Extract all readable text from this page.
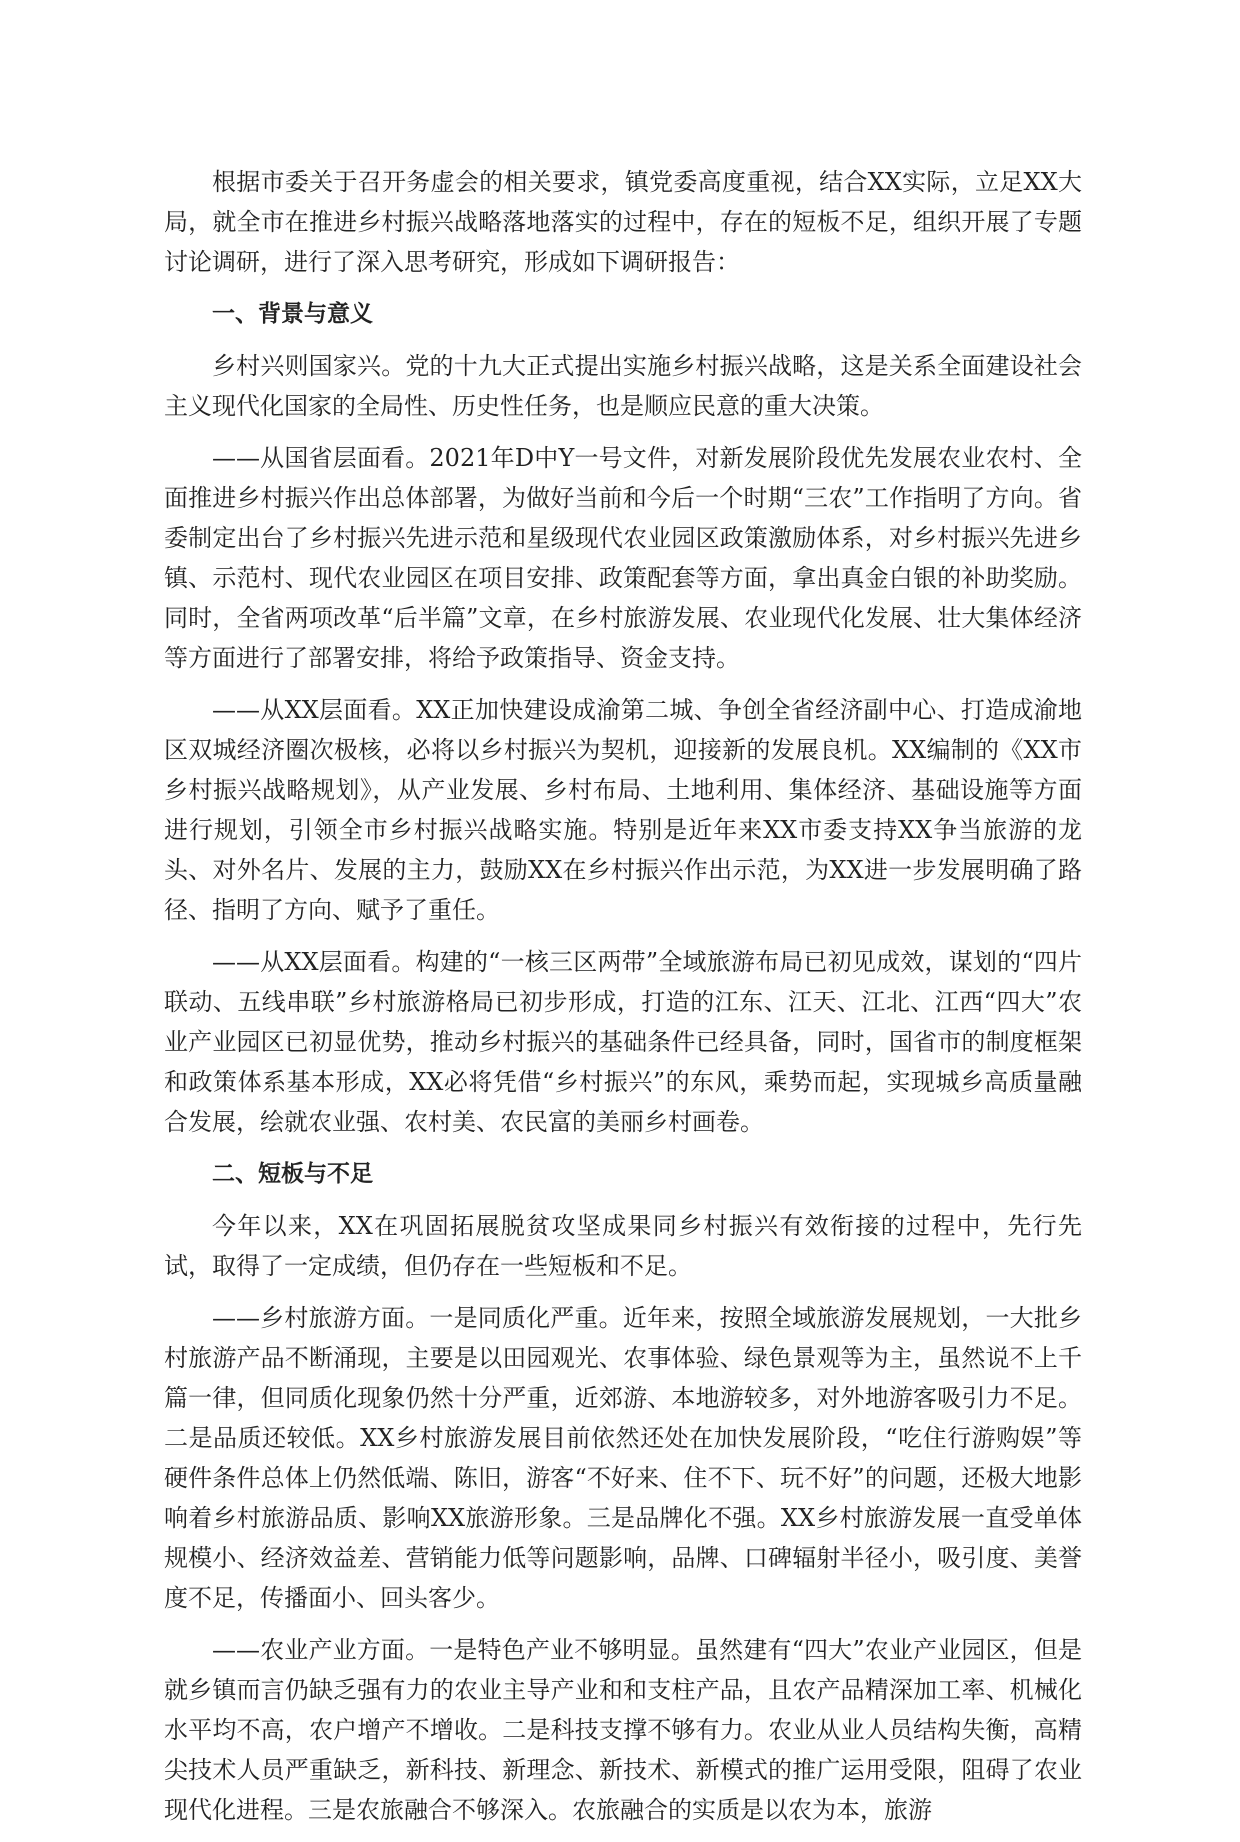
根据市委关于召开务虚会的相关要求，镇党委高度重视，结合XX实际，立足XX大局，就全市在推进乡村振兴战略落地落实的过程中，存在的短板不足，组织开展了专题讨论调研，进行了深入思考研究，形成如下调研报告：

一、背景与意义

乡村兴则国家兴。党的十九大正式提出实施乡村振兴战略，这是关系全面建设社会主义现代化国家的全局性、历史性任务，也是顺应民意的重大决策。

——从国省层面看。2021年D中Y一号文件，对新发展阶段优先发展农业农村、全面推进乡村振兴作出总体部署，为做好当前和今后一个时期“三农”工作指明了方向。省委制定出台了乡村振兴先进示范和星级现代农业园区政策激励体系，对乡村振兴先进乡镇、示范村、现代农业园区在项目安排、政策配套等方面，拿出真金白银的补助奖励。同时，全省两项改革“后半篇”文章，在乡村旅游发展、农业现代化发展、壮大集体经济等方面进行了部署安排，将给予政策指导、资金支持。

——从XX层面看。XX正加快建设成渝第二城、争创全省经济副中心、打造成渝地区双城经济圈次极核，必将以乡村振兴为契机，迎接新的发展良机。XX编制的《XX市乡村振兴战略规划》，从产业发展、乡村布局、土地利用、集体经济、基础设施等方面进行规划，引领全市乡村振兴战略实施。特别是近年来XX市委支持XX争当旅游的龙头、对外名片、发展的主力，鼓励XX在乡村振兴作出示范，为XX进一步发展明确了路径、指明了方向、赋予了重任。

——从XX层面看。构建的“一核三区两带”全域旅游布局已初见成效，谋划的“四片联动、五线串联”乡村旅游格局已初步形成，打造的江东、江天、江北、江西“四大”农业产业园区已初显优势，推动乡村振兴的基础条件已经具备，同时，国省市的制度框架和政策体系基本形成，XX必将凭借“乡村振兴”的东风，乘势而起，实现城乡高质量融合发展，绘就农业强、农村美、农民富的美丽乡村画卷。

二、短板与不足

今年以来，XX在巩固拓展脱贫攻坚成果同乡村振兴有效衔接的过程中，先行先试，取得了一定成绩，但仍存在一些短板和不足。

——乡村旅游方面。一是同质化严重。近年来，按照全域旅游发展规划，一大批乡村旅游产品不断涌现，主要是以田园观光、农事体验、绿色景观等为主，虽然说不上千篇一律，但同质化现象仍然十分严重，近郊游、本地游较多，对外地游客吸引力不足。二是品质还较低。XX乡村旅游发展目前依然还处在加快发展阶段，“吃住行游购娱”等硬件条件总体上仍然低端、陈旧，游客“不好来、住不下、玩不好”的问题，还极大地影响着乡村旅游品质、影响XX旅游形象。三是品牌化不强。XX乡村旅游发展一直受单体规模小、经济效益差、营销能力低等问题影响，品牌、口碑辐射半径小，吸引度、美誉度不足，传播面小、回头客少。

——农业产业方面。一是特色产业不够明显。虽然建有“四大”农业产业园区，但是就乡镇而言仍缺乏强有力的农业主导产业和和支柱产品，且农产品精深加工率、机械化水平均不高，农户增产不增收。二是科技支撑不够有力。农业从业人员结构失衡，高精尖技术人员严重缺乏，新科技、新理念、新技术、新模式的推广运用受限，阻碍了农业现代化进程。三是农旅融合不够深入。农旅融合的实质是以农为本，旅游
